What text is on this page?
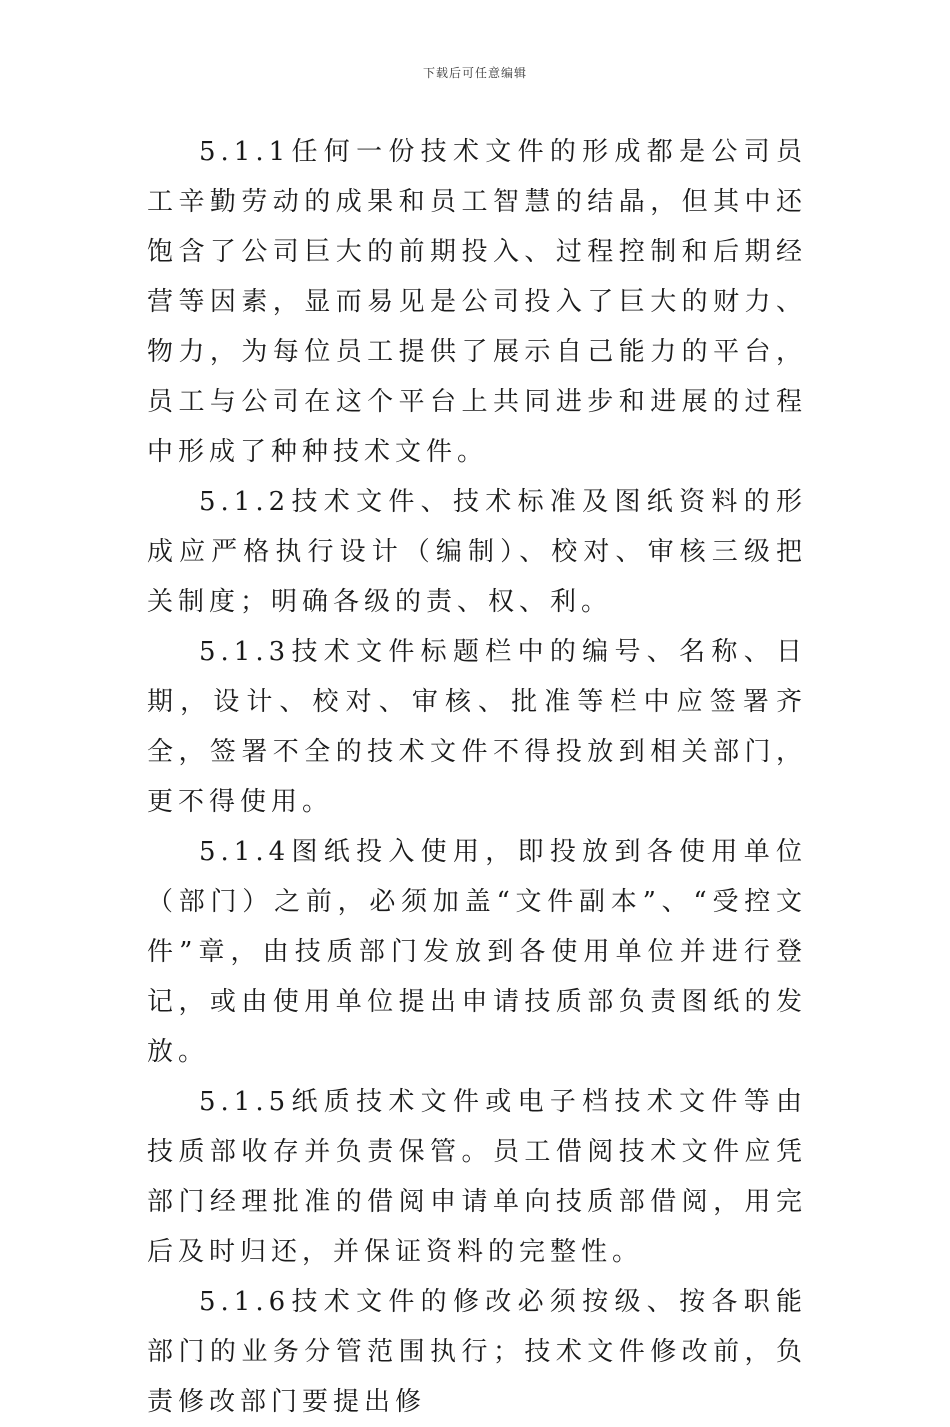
下载后可任意编辑

5.1.1任何一份技术文件的形成都是公司员工辛勤劳动的成果和员工智慧的结晶，但其中还饱含了公司巨大的前期投入、过程控制和后期经营等因素，显而易见是公司投入了巨大的财力、物力，为每位员工提供了展示自己能力的平台，员工与公司在这个平台上共同进步和进展的过程中形成了种种技术文件。

5.1.2技术文件、技术标准及图纸资料的形成应严格执行设计（编制）、校对、审核三级把关制度；明确各级的责、权、利。

5.1.3技术文件标题栏中的编号、名称、日期，设计、校对、审核、批准等栏中应签署齐全，签署不全的技术文件不得投放到相关部门，更不得使用。

5.1.4图纸投入使用，即投放到各使用单位（部门）之前，必须加盖“文件副本”、“受控文件”章，由技质部门发放到各使用单位并进行登记，或由使用单位提出申请技质部负责图纸的发放。

5.1.5纸质技术文件或电子档技术文件等由技质部收存并负责保管。员工借阅技术文件应凭部门经理批准的借阅申请单向技质部借阅，用完后及时归还，并保证资料的完整性。

5.1.6技术文件的修改必须按级、按各职能部门的业务分管范围执行；技术文件修改前，负责修改部门要提出修
